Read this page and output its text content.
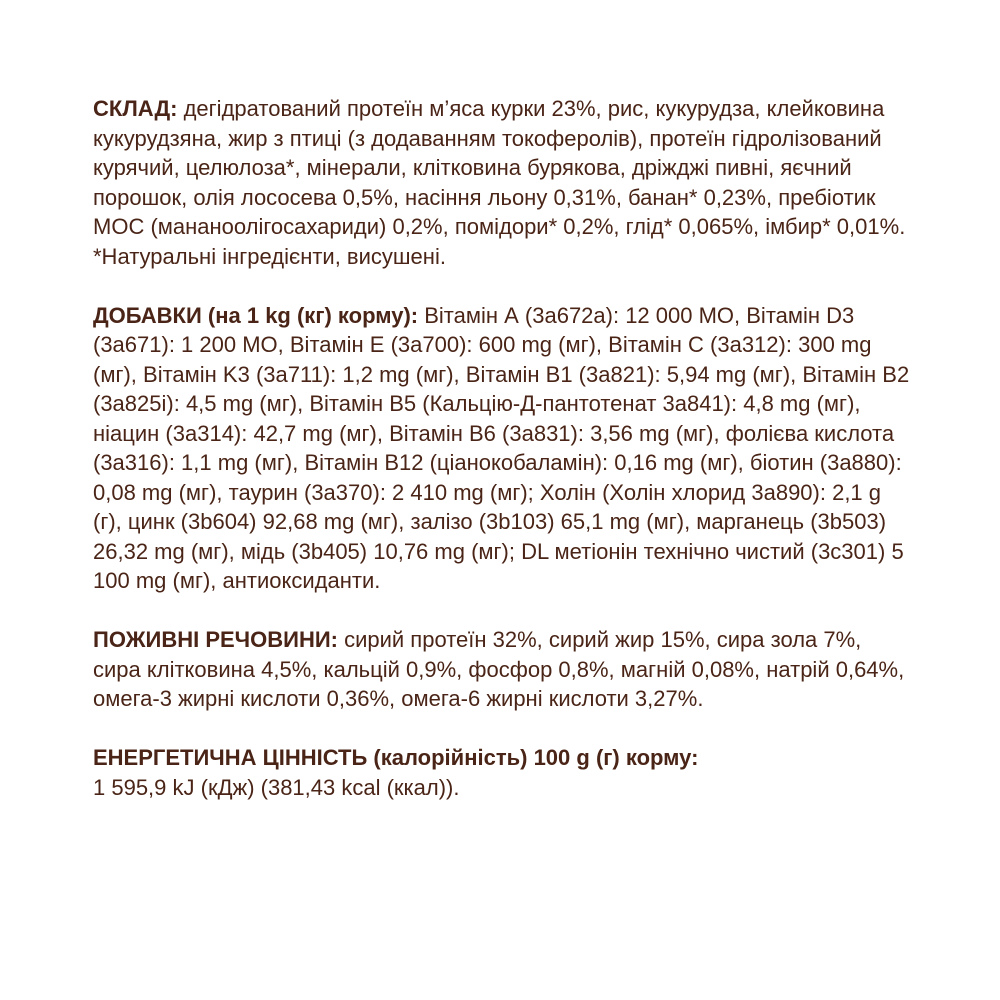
СКЛАД: дегідратований протеїн м’яса курки 23%, рис, кукурудза, клейковина кукурудзяна, жир з птиці (з додаванням токоферолів), протеїн гідролізований курячий, целюлоза*, мінерали, клітковина бурякова, дріжджі пивні, яєчний порошок, олія лососева 0,5%, насіння льону 0,31%, банан* 0,23%, пребіотик MOC (мананоолігосахариди) 0,2%, помідори* 0,2%, глід* 0,065%, імбир* 0,01%. *Натуральні інгредієнти, висушені.

ДОБАВКИ (на 1 kg (кг) корму): Вітамін А (3а672а): 12 000 МО, Вітамін D3 (3а671): 1 200 МО, Вітамін Е (3а700): 600 mg (мг), Вітамін С (3а312): 300 mg (мг), Вітамін K3 (3а711): 1,2 mg (мг), Вітамін B1 (3а821): 5,94 mg (мг), Вітамін B2 (3а825і): 4,5 mg (мг), Вітамін B5 (Кальцію-Д-пантотенат 3а841): 4,8 mg (мг), ніацин (3а314): 42,7 mg (мг), Вітамін B6 (3а831): 3,56 mg (мг), фолієва кислота (3а316): 1,1 mg (мг), Вітамін B12 (ціанокобаламін): 0,16 mg (мг), біотин (3а880): 0,08 mg (мг), таурин (3а370): 2 410 mg (мг); Холін (Холін хлорид 3а890): 2,1 g (г), цинк (3b604) 92,68 mg (мг), залізо (3b103) 65,1 mg (мг), марганець (3b503) 26,32 mg (мг), мідь (3b405) 10,76 mg (мг); DL метіонін технічно чистий (3с301) 5 100 mg (мг), антиоксиданти.

ПОЖИВНІ РЕЧОВИНИ: сирий протеїн 32%, сирий жир 15%, сира зола 7%, сира клітковина 4,5%, кальцій 0,9%, фосфор 0,8%, магній 0,08%, натрій 0,64%, омега-3 жирні кислоти 0,36%, омега-6 жирні кислоти 3,27%.

ЕНЕРГЕТИЧНА ЦІННІСТЬ (калорійність) 100 g (г) корму:
1 595,9 kJ (кДж) (381,43 kcal (ккал)).
